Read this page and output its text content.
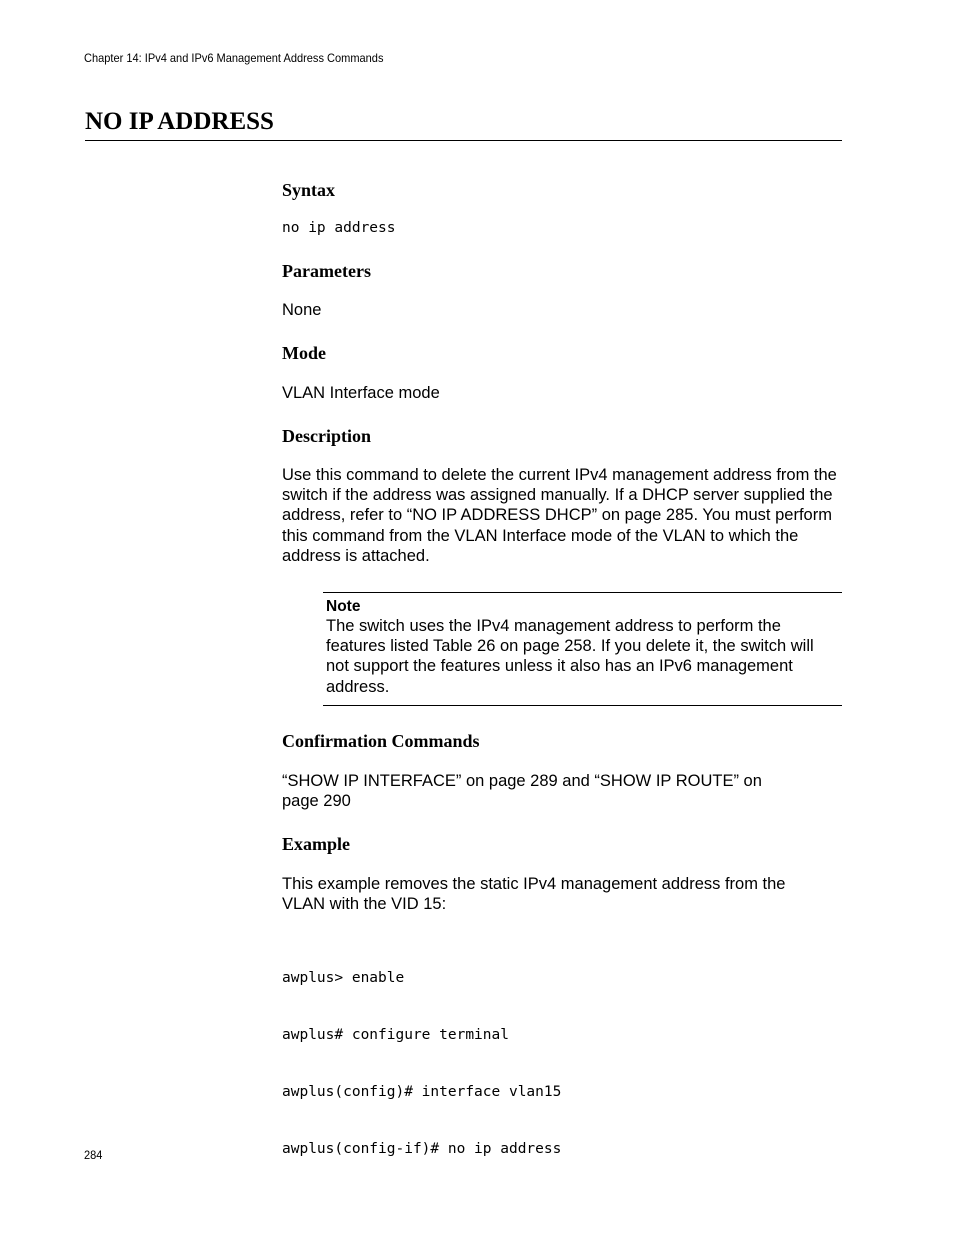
Chapter 14: IPv4 and IPv6 Management Address Commands
NO IP ADDRESS
Syntax
no ip address
Parameters

None

Mode

VLAN Interface mode

Description

Use this command to delete the current IPv4 management address from the switch if the address was assigned manually. If a DHCP server supplied the address, refer to “NO IP ADDRESS DHCP” on page 285. You must perform this command from the VLAN Interface mode of the VLAN to which the address is attached.

Note

The switch uses the IPv4 management address to perform the features listed Table 26 on page 258. If you delete it, the switch will not support the features unless it also has an IPv6 management address.

Confirmation Commands

“SHOW IP INTERFACE” on page 289 and “SHOW IP ROUTE” on page 290

Example

This example removes the static IPv4 management address from the VLAN with the VID 15:

awplus> enable

awplus# configure terminal

awplus(config)# interface vlan15

awplus(config-if)# no ip address

284
